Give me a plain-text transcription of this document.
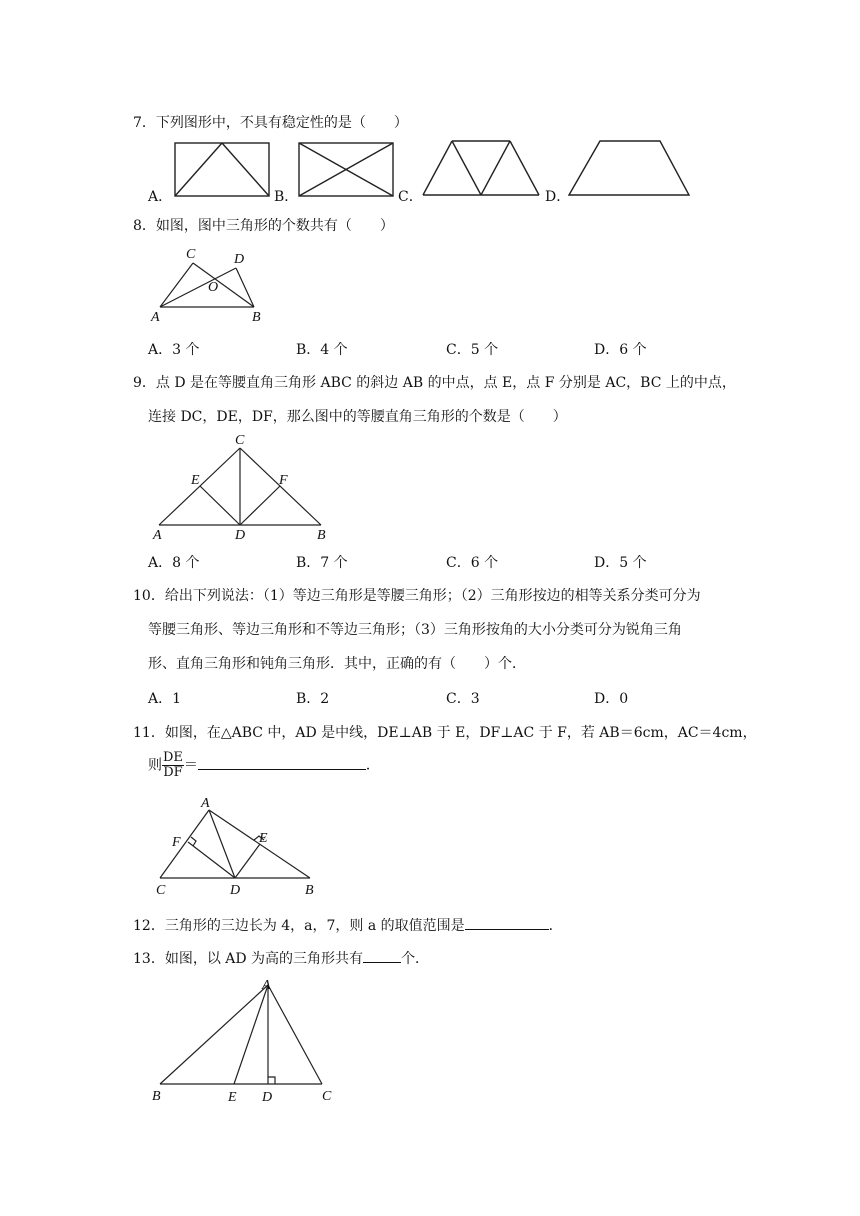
7．下列图形中，不具有稳定性的是（　　）
A．	B．	C．	D．
8．如图，图中三角形的个数共有（　　）
C	D
O
A	B
A．3 个	B．4 个	C．5 个	D．6 个
9．点 D 是在等腰直角三角形 ABC 的斜边 AB 的中点，点 E，点 F 分别是 AC，BC 上的中点，
连接 DC，DE，DF，那么图中的等腰直角三角形的个数是（　　）
C
E	F
A	D	B
A．8 个	B．7 个	C．6 个	D．5 个
10．给出下列说法：（1）等边三角形是等腰三角形；（2）三角形按边的相等关系分类可分为
等腰三角形、等边三角形和不等边三角形；（3）三角形按角的大小分类可分为锐角三角
形、直角三角形和钝角三角形．其中，正确的有（　　）个．
A．1	B．2	C．3	D．0
11．如图，在△ABC 中，AD 是中线，DE⊥AB 于 E，DF⊥AC 于 F，若 AB＝6cm，AC＝4cm，
则 $\frac{DE}{DF}$ ＝	．
A
F	E
C	D	B
12．三角形的三边长为 4，a，7，则 a 的取值范围是	．
13．如图，以 AD 为高的三角形共有	个．
A
B	E D	C
